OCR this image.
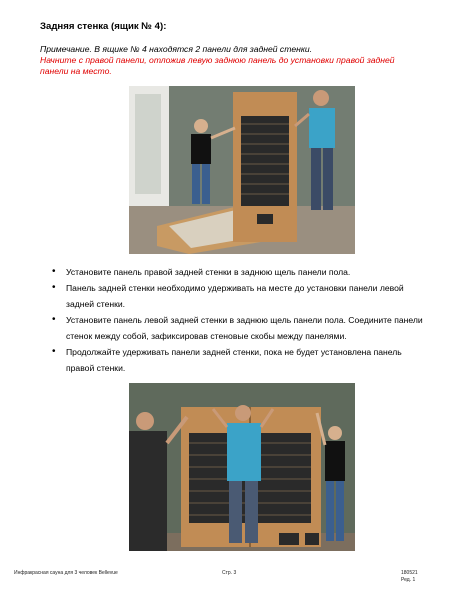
Задняя стенка (ящик № 4):
Примечание. В ящике № 4 находятся 2 панели для задней стенки.
Начните с правой панели, отложив левую заднюю панель до установки правой задней панели на место.
• Установите панель правой задней стенки в заднюю щель панели пола.
• Панель задней стенки необходимо удерживать на месте до установки панели левой задней стенки.
• Установите панель левой задней стенки в заднюю щель панели пола. Соедините панели стенок между собой, зафиксировав стеновые скобы между панелями.
• Продолжайте удерживать панели задней стенки, пока не будет установлена панель правой стенки.
Инфракрасная сауна для 3 человек Bellevue	Стр. 3	180521
Ред. 1
